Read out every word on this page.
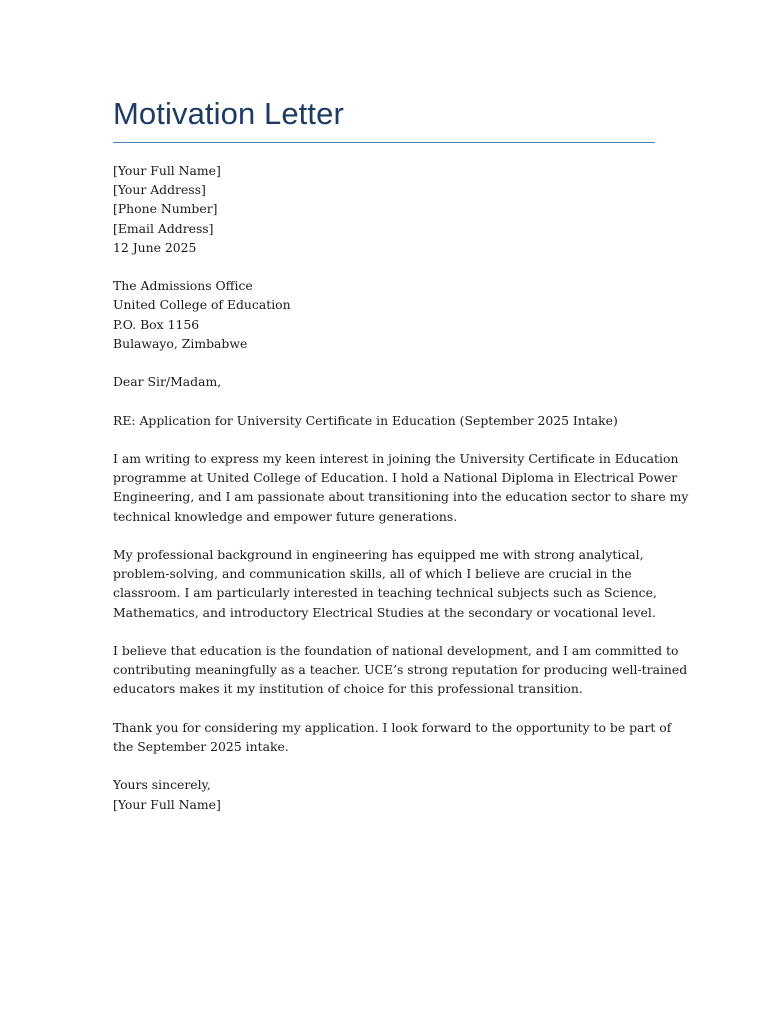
Motivation Letter
[Your Full Name]
[Your Address]
[Phone Number]
[Email Address]
12 June 2025
The Admissions Office
United College of Education
P.O. Box 1156
Bulawayo, Zimbabwe
Dear Sir/Madam,
RE: Application for University Certificate in Education (September 2025 Intake)

I am writing to express my keen interest in joining the University Certificate in Education
programme at United College of Education. I hold a National Diploma in Electrical Power
Engineering, and I am passionate about transitioning into the education sector to share my
technical knowledge and empower future generations.

My professional background in engineering has equipped me with strong analytical,
problem-solving, and communication skills, all of which I believe are crucial in the
classroom. I am particularly interested in teaching technical subjects such as Science,
Mathematics, and introductory Electrical Studies at the secondary or vocational level.

I believe that education is the foundation of national development, and I am committed to
contributing meaningfully as a teacher. UCE’s strong reputation for producing well-trained
educators makes it my institution of choice for this professional transition.

Thank you for considering my application. I look forward to the opportunity to be part of
the September 2025 intake.

Yours sincerely,
[Your Full Name]
